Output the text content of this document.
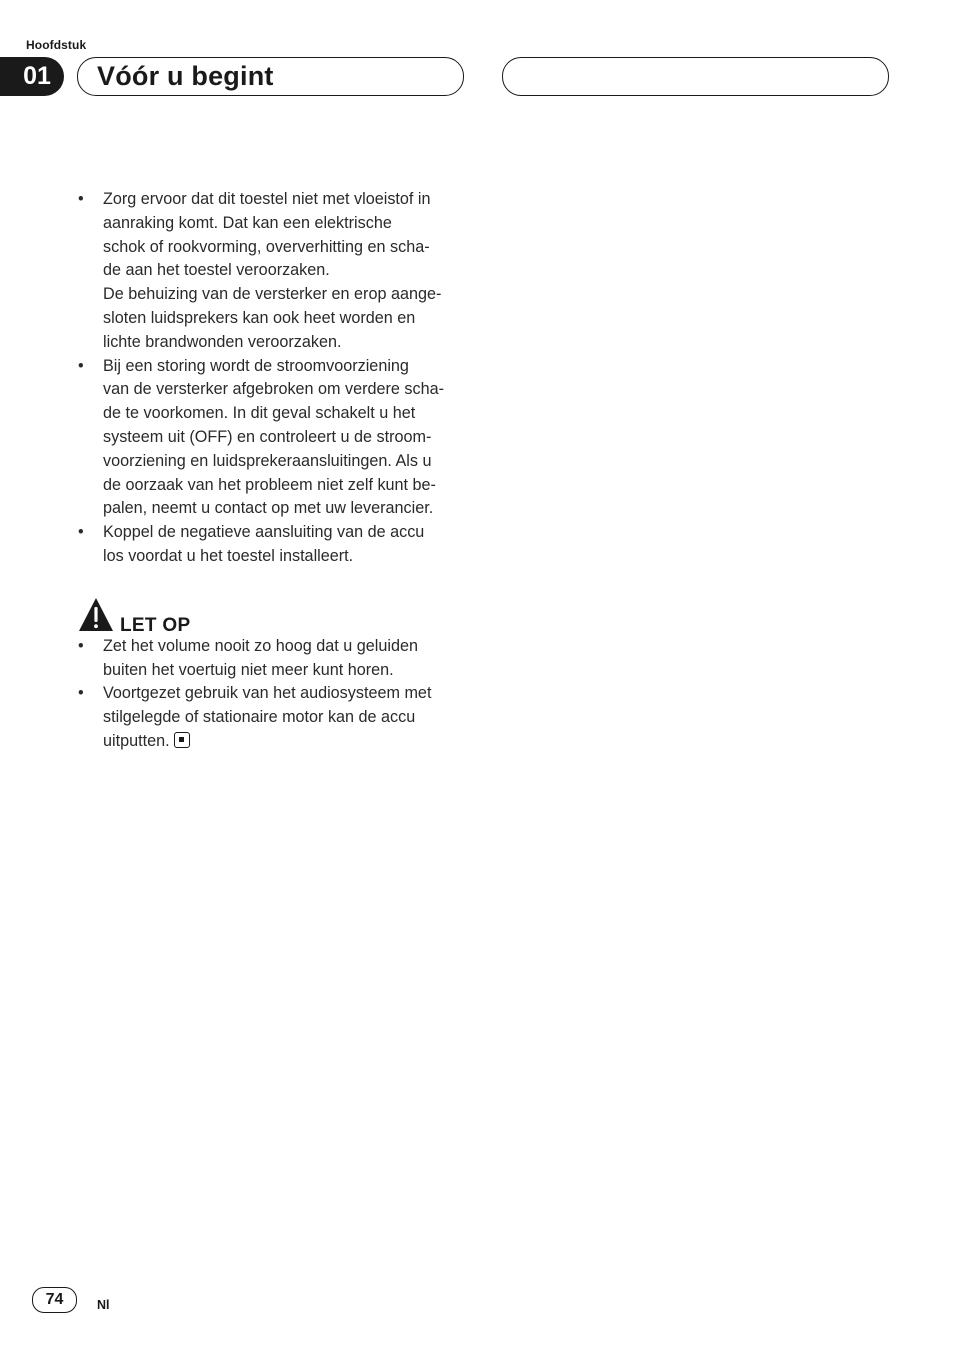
Hoofdstuk
01	Vóór u begint
•	Zorg ervoor dat dit toestel niet met vloeistof in
aanraking komt. Dat kan een elektrische
schok of rookvorming, oververhitting en scha-
de aan het toestel veroorzaken.
De behuizing van de versterker en erop aange-
sloten luidsprekers kan ook heet worden en
lichte brandwonden veroorzaken.
•	Bij een storing wordt de stroomvoorziening
van de versterker afgebroken om verdere scha-
de te voorkomen. In dit geval schakelt u het
systeem uit (OFF) en controleert u de stroom-
voorziening en luidsprekeraansluitingen. Als u
de oorzaak van het probleem niet zelf kunt be-
palen, neemt u contact op met uw leverancier.
•	Koppel de negatieve aansluiting van de accu
los voordat u het toestel installeert.
LET OP
•	Zet het volume nooit zo hoog dat u geluiden
buiten het voertuig niet meer kunt horen.
•	Voortgezet gebruik van het audiosysteem met
stilgelegde of stationaire motor kan de accu
uitputten.
74	Nl
